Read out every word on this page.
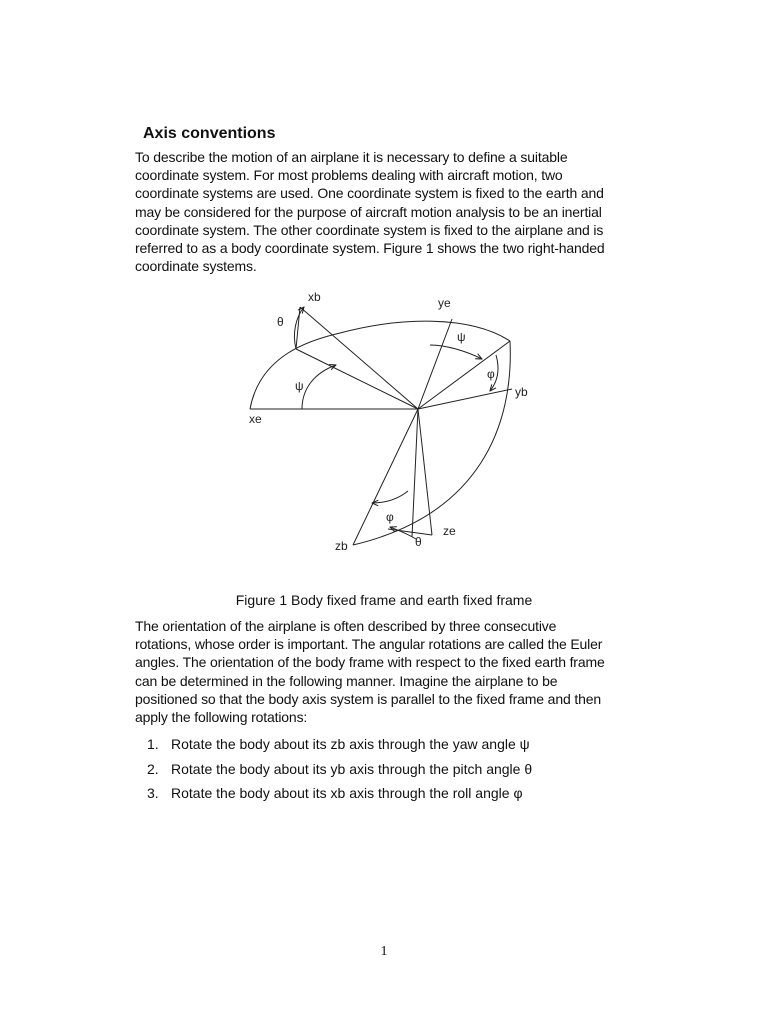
Axis conventions
To describe the motion of an airplane it is necessary to define a suitable
coordinate system. For most problems dealing with aircraft motion, two
coordinate systems are used. One coordinate system is fixed to the earth and
may be considered for the purpose of aircraft motion analysis to be an inertial
coordinate system. The other coordinate system is fixed to the airplane and is
referred to as a body coordinate system. Figure 1 shows the two right-handed
coordinate systems.
xb	ye
θ
ψ
φ
yb
ψ
xe
φ
ze
zb	θ
Figure 1 Body fixed frame and earth fixed frame
The orientation of the airplane is often described by three consecutive
rotations, whose order is important. The angular rotations are called the Euler
angles. The orientation of the body frame with respect to the fixed earth frame
can be determined in the following manner. Imagine the airplane to be
positioned so that the body axis system is parallel to the fixed frame and then
apply the following rotations:
1. Rotate the body about its zb axis through the yaw angle ψ
2. Rotate the body about its yb axis through the pitch angle θ
3. Rotate the body about its xb axis through the roll angle φ
1
